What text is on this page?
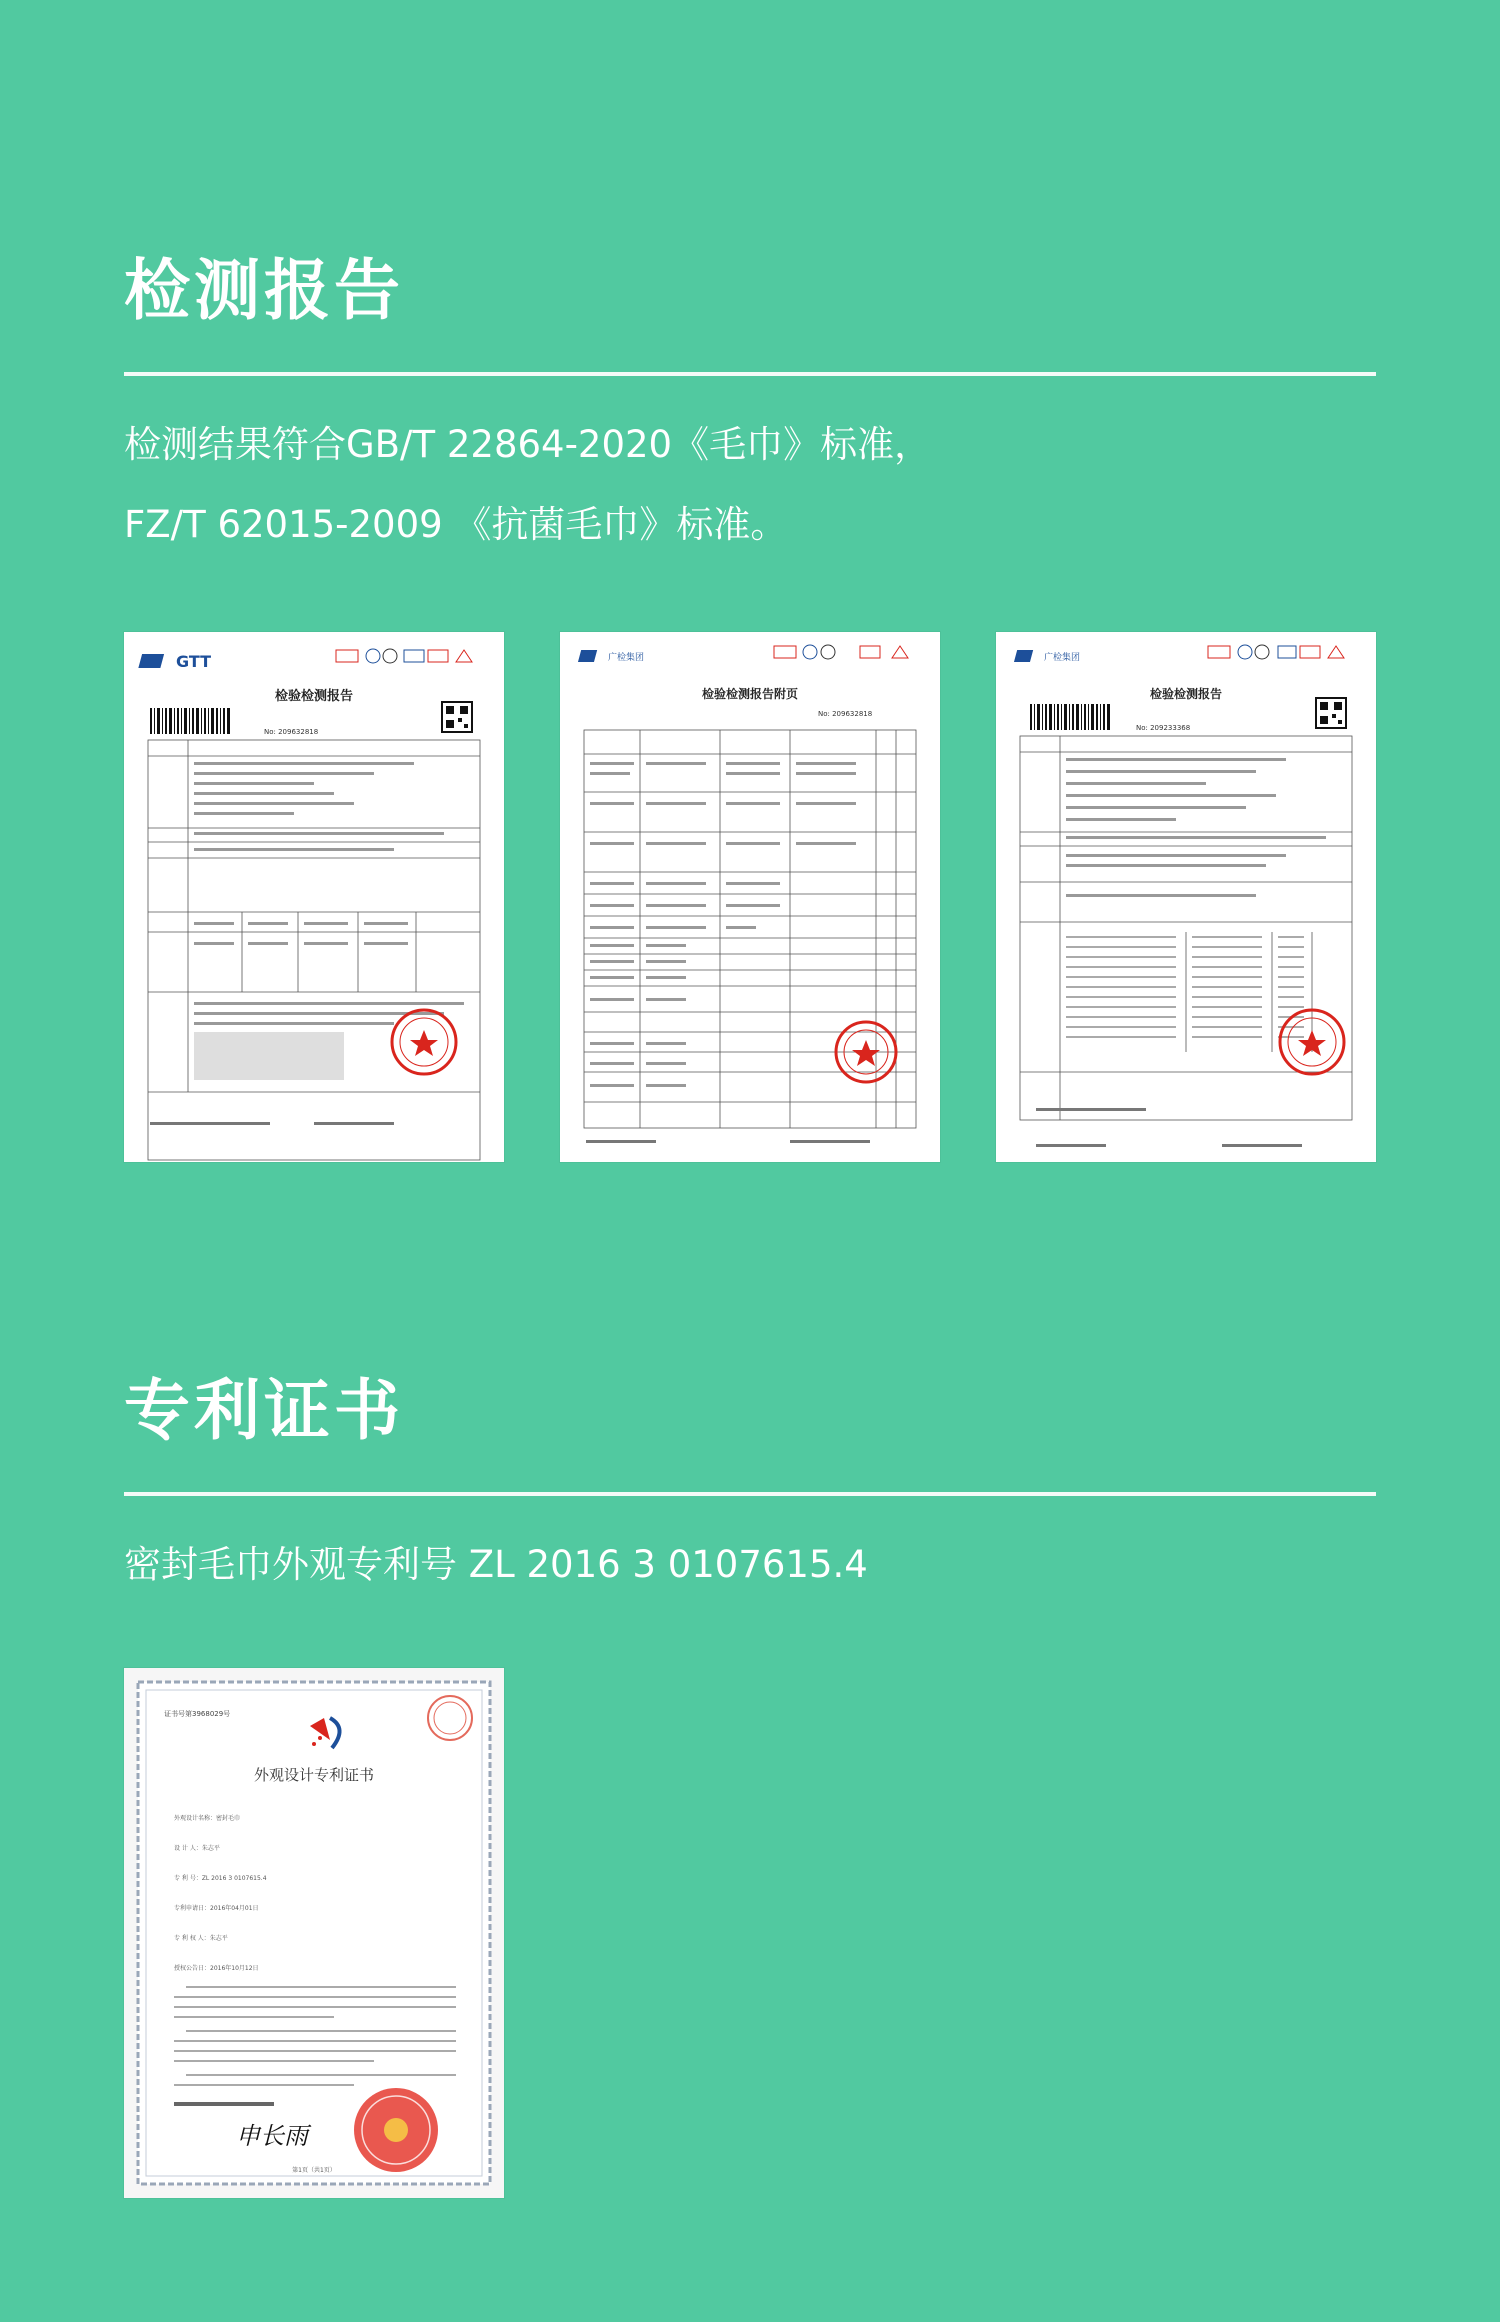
检测报告

检测结果符合GB/T 22864-2020《毛巾》标准，

FZ/T 62015-2009 《抗菌毛巾》标准。

GTT
检验检测报告
No: 209632818
广检集团
检验检测报告附页
No: 209632818
广检集团
检验检测报告
No: 209233368
专利证书

密封毛巾外观专利号 ZL 2016 3 0107615.4

证书号第3968029号
外观设计专利证书
外观设计名称：密封毛巾
设 计 人：朱志平
专 利 号：ZL 2016 3 0107615.4
专利申请日：2016年04月01日
专 利 权 人：朱志平
授权公告日：2016年10月12日
申长雨
第1页（共1页）
